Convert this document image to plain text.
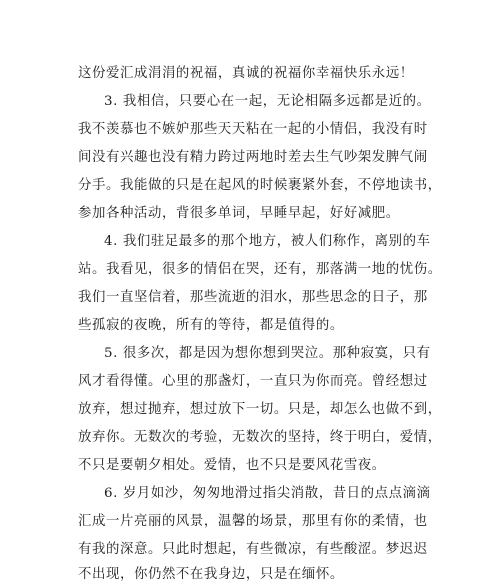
这份爱汇成涓涓的祝福，真诚的祝福你幸福快乐永远！
3. 我相信，只要心在一起，无论相隔多远都是近的。
我不羡慕也不嫉妒那些天天粘在一起的小情侣，我没有时
间没有兴趣也没有精力跨过两地时差去生气吵架发脾气闹
分手。我能做的只是在起风的时候裹紧外套，不停地读书，
参加各种活动，背很多单词，早睡早起，好好减肥。
4. 我们驻足最多的那个地方，被人们称作，离别的车
站。我看见，很多的情侣在哭，还有，那落满一地的忧伤。
我们一直坚信着，那些流逝的泪水，那些思念的日子，那
些孤寂的夜晚，所有的等待，都是值得的。
5. 很多次，都是因为想你想到哭泣。那种寂寞，只有
风才看得懂。心里的那盏灯，一直只为你而亮。曾经想过
放弃，想过抛弃，想过放下一切。只是，却怎么也做不到，
放弃你。无数次的考验，无数次的坚持，终于明白，爱情，
不只是要朝夕相处。爱情，也不只是要风花雪夜。
6. 岁月如沙，匆匆地滑过指尖消散，昔日的点点滴滴
汇成一片亮丽的风景，温馨的场景，那里有你的柔情，也
有我的深意。只此时想起，有些微凉，有些酸涩。梦迟迟
不出现，你仍然不在我身边，只是在缅怀。
